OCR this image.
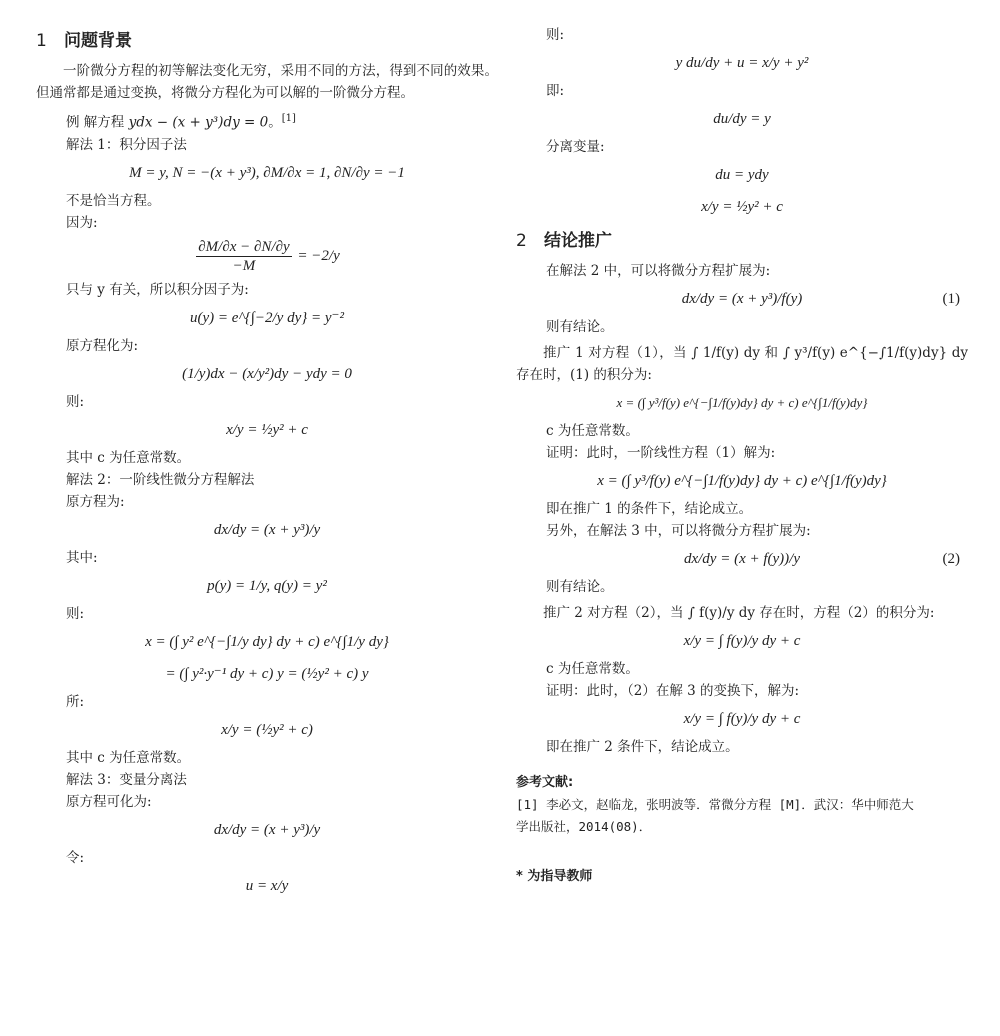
1 问题背景

一阶微分方程的初等解法变化无穷，采用不同的方法，得到不同的效果。但通常都是通过变换，将微分方程化为可以解的一阶微分方程。

例 解方程 ydx − (x + y³)dy = 0。[1]

解法 1：积分因子法

M = y, N = −(x + y³), ∂M/∂x = 1, ∂N/∂y = −1

不是恰当方程。

因为:

$\frac{\partial M/\partial x - \partial N/\partial y}{-M} = -2/y$

只与 y 有关，所以积分因子为:

u(y) = e^{∫−2/y dy} = y⁻²

原方程化为:

(1/y)dx − (x/y²)dy − ydy = 0

则:

x/y = ½y² + c

其中 c 为任意常数。

解法 2：一阶线性微分方程解法

原方程为:

dx/dy = (x + y³)/y

其中:

p(y) = 1/y, q(y) = y²

则:

x = (∫ y² e^{−∫1/y dy} dy + c) e^{∫1/y dy}
= (∫ y²·y⁻¹ dy + c) y = (½y² + c) y

所:

x/y = (½y² + c)

其中 c 为任意常数。

解法 3：变量分离法

原方程可化为:

dx/dy = (x + y³)/y

令:

u = x/y

则:

y du/dy + u = x/y + y²

即:

du/dy = y

分离变量:

du = ydy
x/y = ½y² + c
2 结论推广

在解法 2 中，可以将微分方程扩展为:

dx/dy = (x + y³)/f(y)	(1)

则有结论。

推广 1 对方程（1），当 ∫ 1/f(y) dy 和 ∫ y³/f(y) e^{−∫1/f(y)dy} dy 存在时，(1) 的积分为:

x = (∫ y³/f(y) e^{−∫1/f(y)dy} dy + c) e^{∫1/f(y)dy}

c 为任意常数。

证明：此时，一阶线性方程（1）解为:

x = (∫ y³/f(y) e^{−∫1/f(y)dy} dy + c) e^{∫1/f(y)dy}

即在推广 1 的条件下，结论成立。

另外，在解法 3 中，可以将微分方程扩展为:

dx/dy = (x + f(y))/y	(2)

则有结论。

推广 2 对方程（2），当 ∫ f(y)/y dy 存在时，方程（2）的积分为:

x/y = ∫ f(y)/y dy + c

c 为任意常数。

证明：此时，（2）在解 3 的变换下，解为:

x/y = ∫ f(y)/y dy + c

即在推广 2 条件下，结论成立。

参考文献:

[1] 李必文，赵临龙，张明波等．常微分方程 [M]．武汉：华中师范大

学出版社，2014(08)．

* 为指导教师
